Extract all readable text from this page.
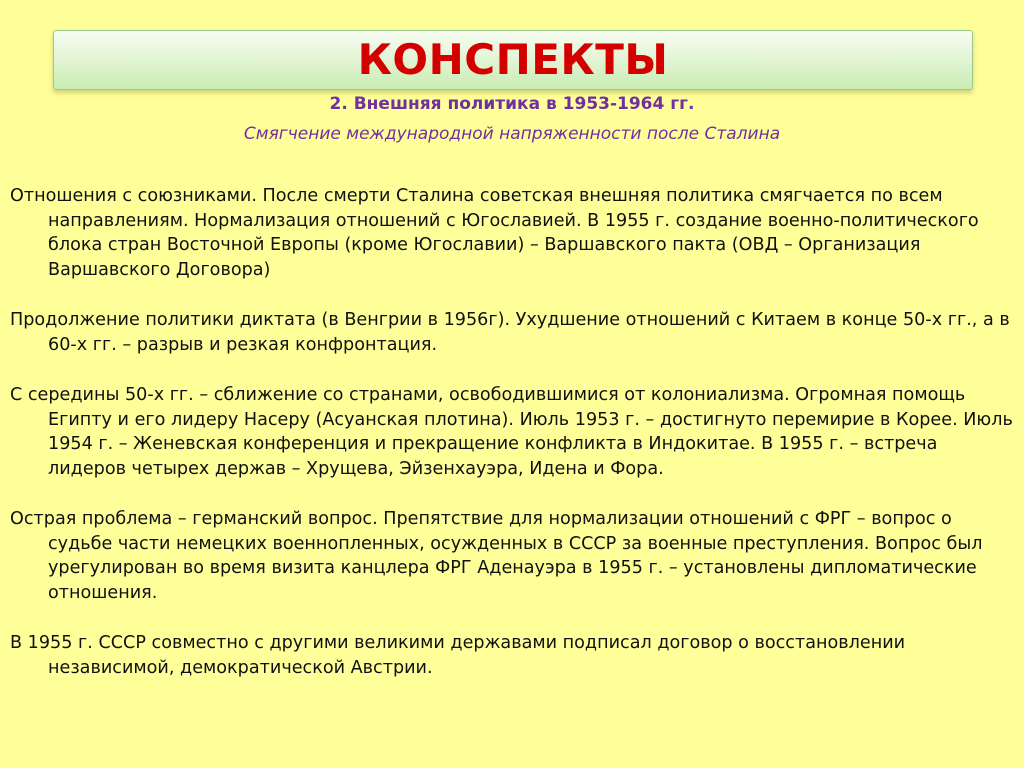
КОНСПЕКТЫ
2. Внешняя политика в 1953-1964 гг.
Смягчение международной напряженности после Сталина

Отношения с союзниками. После смерти Сталина советская внешняя политика смягчается по всем направлениям. Нормализация отношений с Югославией. В 1955 г. создание военно-политического блока стран Восточной Европы (кроме Югославии) – Варшавского пакта (ОВД – Организация Варшавского Договора)

Продолжение политики диктата (в Венгрии в 1956г). Ухудшение отношений с Китаем в конце 50-х гг., а в 60-х гг. – разрыв и резкая конфронтация.

С середины 50-х гг. – сближение со странами, освободившимися от колониализма. Огромная помощь Египту и его лидеру Насеру (Асуанская плотина). Июль 1953 г. – достигнуто перемирие в Корее. Июль 1954 г. – Женевская конференция и прекращение конфликта в Индокитае. В 1955 г. – встреча лидеров четырех держав – Хрущева, Эйзенхауэра, Идена и Фора.

Острая проблема – германский вопрос. Препятствие для нормализации отношений с ФРГ – вопрос о судьбе части немецких военнопленных, осужденных в СССР за военные преступления. Вопрос был урегулирован во время визита канцлера ФРГ Аденауэра в 1955 г. – установлены дипломатические отношения.

В 1955 г. СССР совместно с другими великими державами подписал договор о восстановлении независимой, демократической Австрии.
